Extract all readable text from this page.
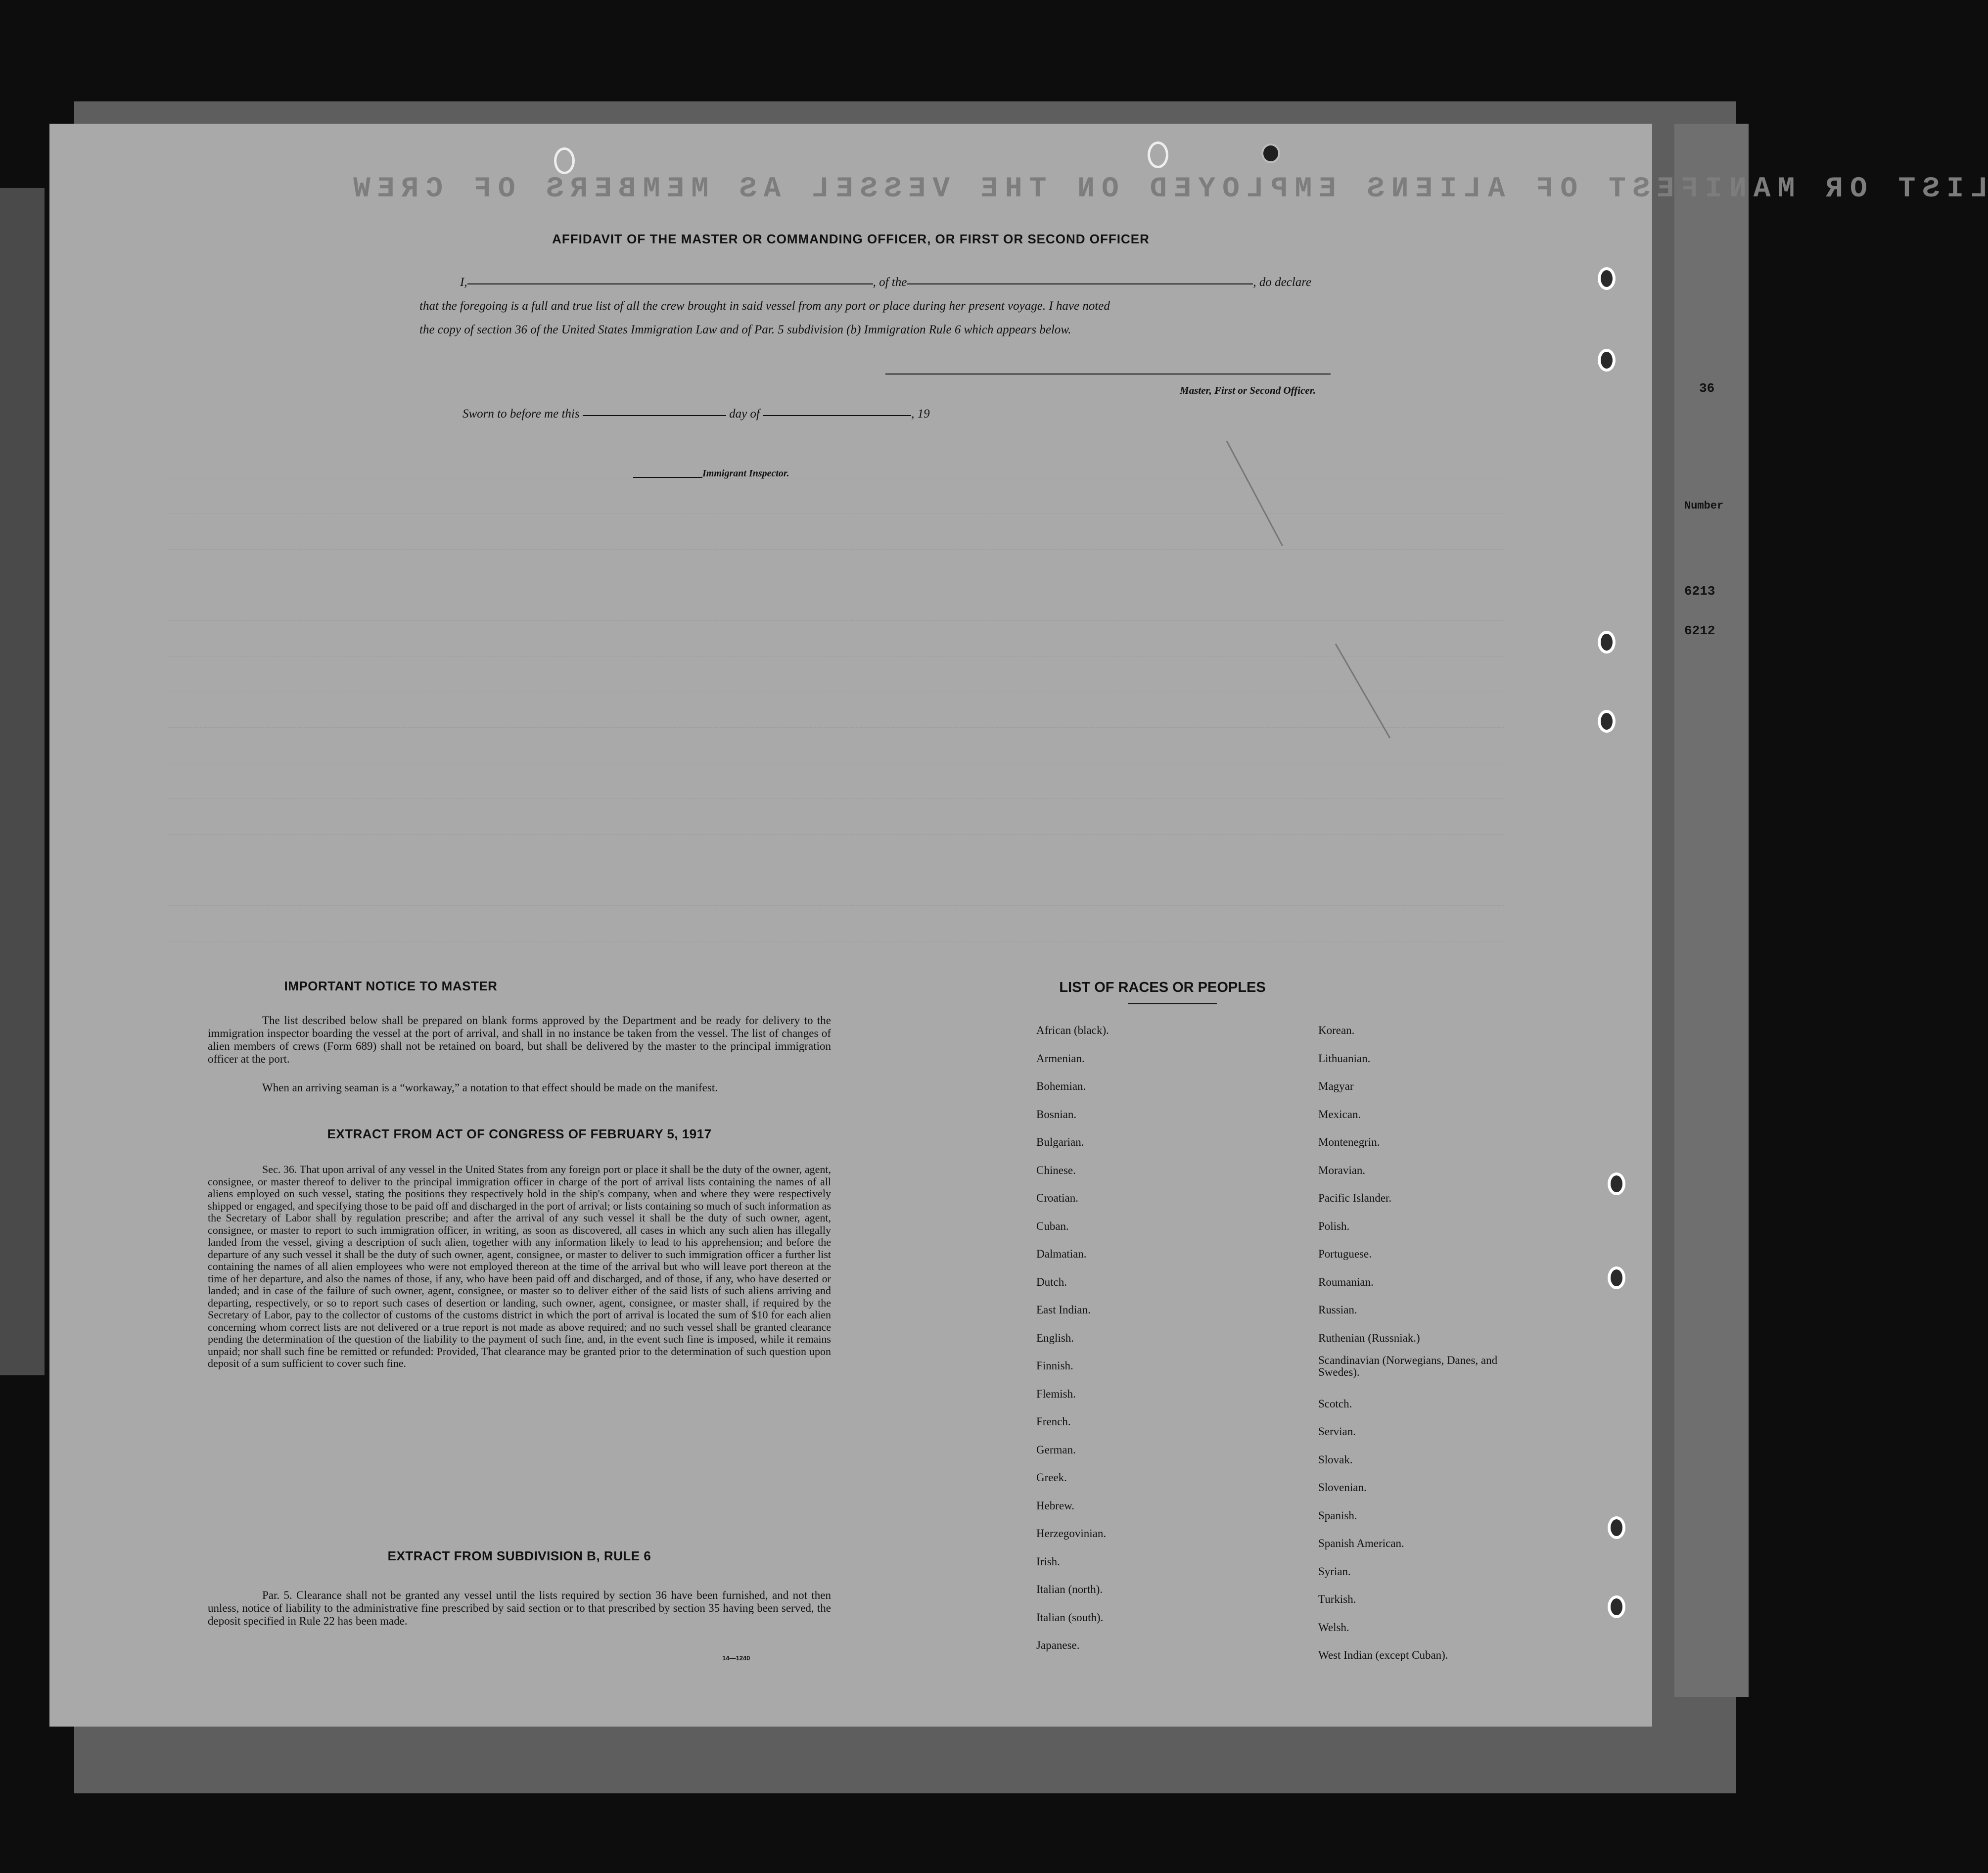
36
Number
6213
6212
LIST OR MANIFEST OF ALIENS EMPLOYED ON THE VESSEL AS MEMBERS OF CREW
AFFIDAVIT OF THE MASTER OR COMMANDING OFFICER, OR FIRST OR SECOND OFFICER
I,	, of the	, do declare
that the foregoing is a full and true list of all the crew brought in said vessel from any port or place during her present voyage. I have noted
the copy of section 36 of the United States Immigration Law and of Par. 5 subdivision (b) Immigration Rule 6 which appears below.
Master, First or Second Officer.
Sworn to before me this	day of	, 19
Immigrant Inspector.
IMPORTANT NOTICE TO MASTER
The list described below shall be prepared on blank forms approved by the Department and be ready for delivery to the immigration inspector boarding the vessel at the port of arrival, and shall in no instance be taken from the vessel. The list of changes of alien members of crews (Form 689) shall not be retained on board, but shall be delivered by the master to the principal immigration officer at the port.
When an arriving seaman is a “workaway,” a notation to that effect should be made on the manifest.
EXTRACT FROM ACT OF CONGRESS OF FEBRUARY 5, 1917
Sec. 36. That upon arrival of any vessel in the United States from any foreign port or place it shall be the duty of the owner, agent, consignee, or master thereof to deliver to the principal immigration officer in charge of the port of arrival lists containing the names of all aliens employed on such vessel, stating the positions they respectively hold in the ship's company, when and where they were respectively shipped or engaged, and specifying those to be paid off and discharged in the port of arrival; or lists containing so much of such information as the Secretary of Labor shall by regulation prescribe; and after the arrival of any such vessel it shall be the duty of such owner, agent, consignee, or master to report to such immigration officer, in writing, as soon as discovered, all cases in which any such alien has illegally landed from the vessel, giving a description of such alien, together with any information likely to lead to his apprehension; and before the departure of any such vessel it shall be the duty of such owner, agent, consignee, or master to deliver to such immigration officer a further list containing the names of all alien employees who were not employed thereon at the time of the arrival but who will leave port thereon at the time of her departure, and also the names of those, if any, who have been paid off and discharged, and of those, if any, who have deserted or landed; and in case of the failure of such owner, agent, consignee, or master so to deliver either of the said lists of such aliens arriving and departing, respectively, or so to report such cases of desertion or landing, such owner, agent, consignee, or master shall, if required by the Secretary of Labor, pay to the collector of customs of the customs district in which the port of arrival is located the sum of $10 for each alien concerning whom correct lists are not delivered or a true report is not made as above required; and no such vessel shall be granted clearance pending the determination of the question of the liability to the payment of such fine, and, in the event such fine is imposed, while it remains unpaid; nor shall such fine be remitted or refunded: Provided, That clearance may be granted prior to the determination of such question upon deposit of a sum sufficient to cover such fine.
EXTRACT FROM SUBDIVISION B, RULE 6
Par. 5. Clearance shall not be granted any vessel until the lists required by section 36 have been furnished, and not then unless, notice of liability to the administrative fine prescribed by said section or to that prescribed by section 35 having been served, the deposit specified in Rule 22 has been made.
14—1240
LIST OF RACES OR PEOPLES
African (black).
Armenian.
Bohemian.
Bosnian.
Bulgarian.
Chinese.
Croatian.
Cuban.
Dalmatian.
Dutch.
East Indian.
English.
Finnish.
Flemish.
French.
German.
Greek.
Hebrew.
Herzegovinian.
Irish.
Italian (north).
Italian (south).
Japanese.
Korean.
Lithuanian.
Magyar
Mexican.
Montenegrin.
Moravian.
Pacific Islander.
Polish.
Portuguese.
Roumanian.
Russian.
Ruthenian (Russniak.)
Scandinavian (Norwegians, Danes, and Swedes).
Scotch.
Servian.
Slovak.
Slovenian.
Spanish.
Spanish American.
Syrian.
Turkish.
Welsh.
West Indian (except Cuban).
